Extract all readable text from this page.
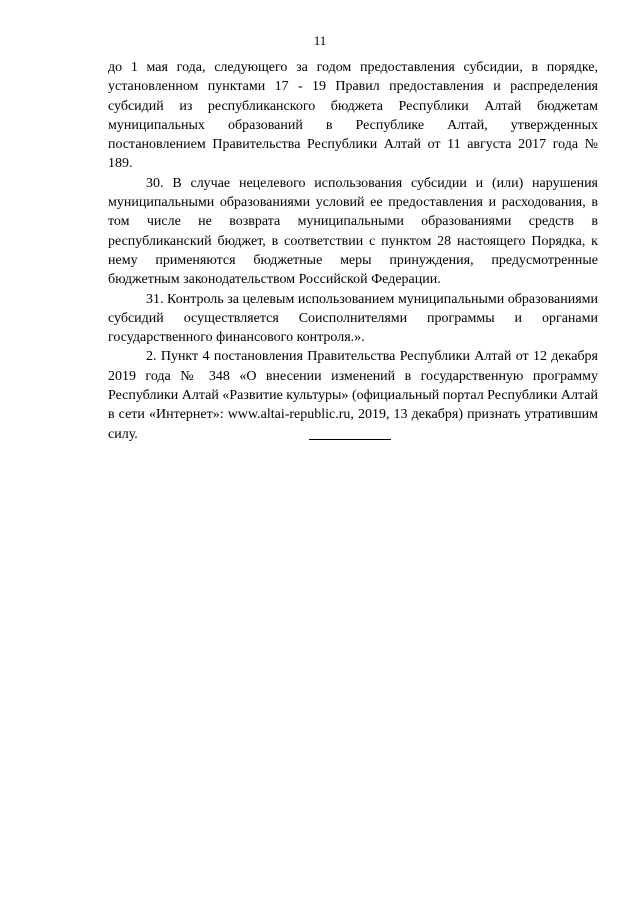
11

до 1 мая года, следующего за годом предоставления субсидии, в порядке, установленном пунктами 17 - 19 Правил предоставления и распределения субсидий из республиканского бюджета Республики Алтай бюджетам муниципальных образований в Республике Алтай, утвержденных постановлением Правительства Республики Алтай от 11 августа 2017 года № 189.

30. В случае нецелевого использования субсидии и (или) нарушения муниципальными образованиями условий ее предоставления и расходования, в том числе не возврата муниципальными образованиями средств в республиканский бюджет, в соответствии с пунктом 28 настоящего Порядка, к нему применяются бюджетные меры принуждения, предусмотренные бюджетным законодательством Российской Федерации.

31. Контроль за целевым использованием муниципальными образованиями субсидий осуществляется Соисполнителями программы и органами государственного финансового контроля.».

2. Пункт 4 постановления Правительства Республики Алтай от 12 декабря 2019 года № 348 «О внесении изменений в государственную программу Республики Алтай «Развитие культуры» (официальный портал Республики Алтай в сети «Интернет»: www.altai-republic.ru, 2019, 13 декабря) признать утратившим силу.
